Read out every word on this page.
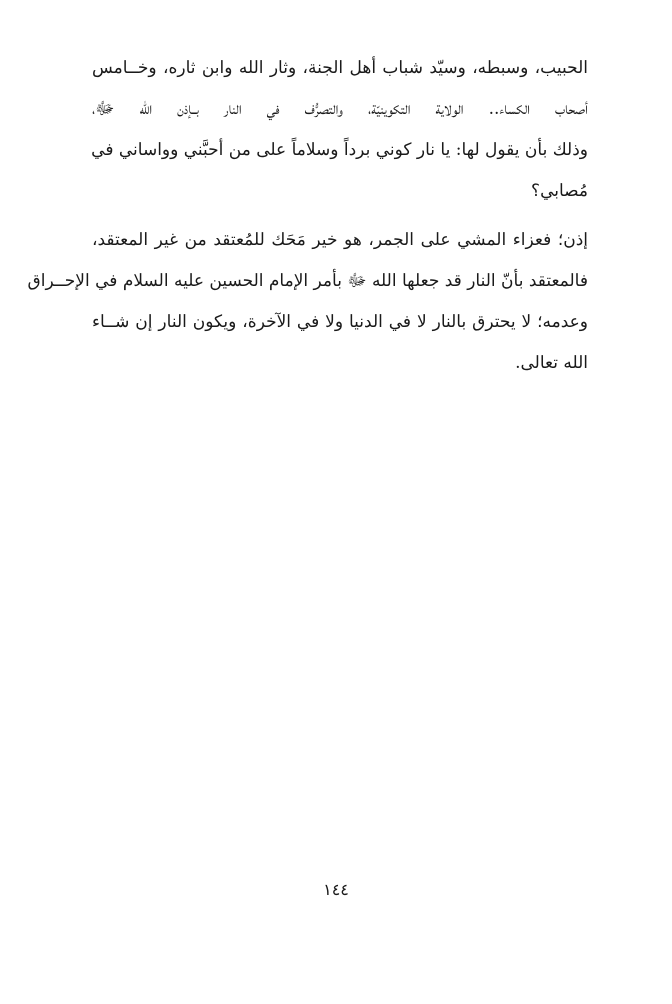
الحبيب، وسبطه، وسيّد شباب أهل الجنة، وثار الله وابن ثاره، وخــامس
أصحاب الكساء.. الولاية التكوينيّة، والتصرُّف في النار بــإذن الله ﷻ،
وذلك بأن يقول لها: يا نار كوني برداً وسلاماً على من أحبَّني وواساني في
مُصابي؟
إذن؛ فعزاء المشي على الجمر، هو خير مَحَك للمُعتقد من غير المعتقد،
فالمعتقد بأنّ النار قد جعلها الله ﷻ بأمر الإمام الحسين عليه السلام في الإحــراق
وعدمه؛ لا يحترق بالنار لا في الدنيا ولا في الآخرة، ويكون النار إن شــاء
الله تعالى.
١٤٤
